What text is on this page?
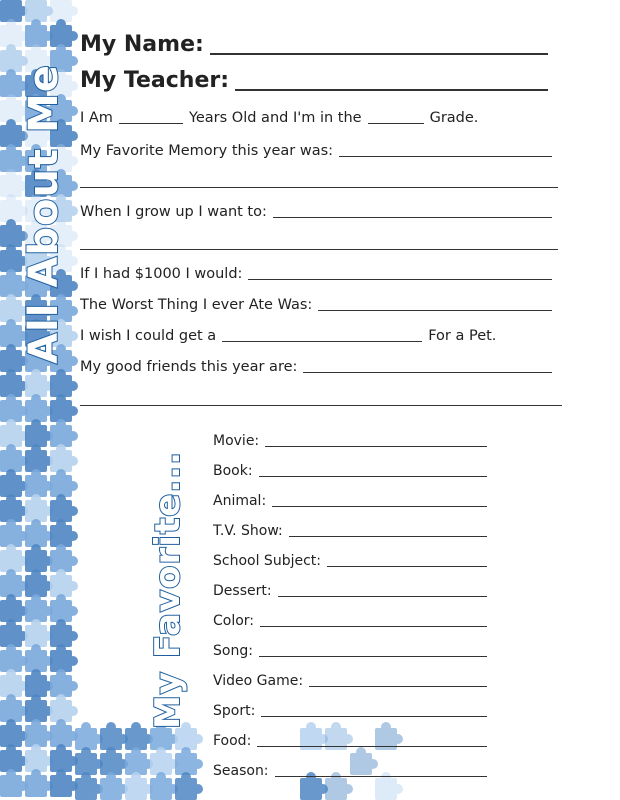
All About Me
My Favorite...
My Name:
My Teacher:
I Am	Years Old and I'm in the	Grade.
My Favorite Memory this year was:
When I grow up I want to:
If I had $1000 I would:
The Worst Thing I ever Ate Was:
I wish I could get a	For a Pet.
My good friends this year are:
Movie:
Book:
Animal:
T.V. Show:
School Subject:
Dessert:
Color:
Song:
Video Game:
Sport:
Food:
Season:
